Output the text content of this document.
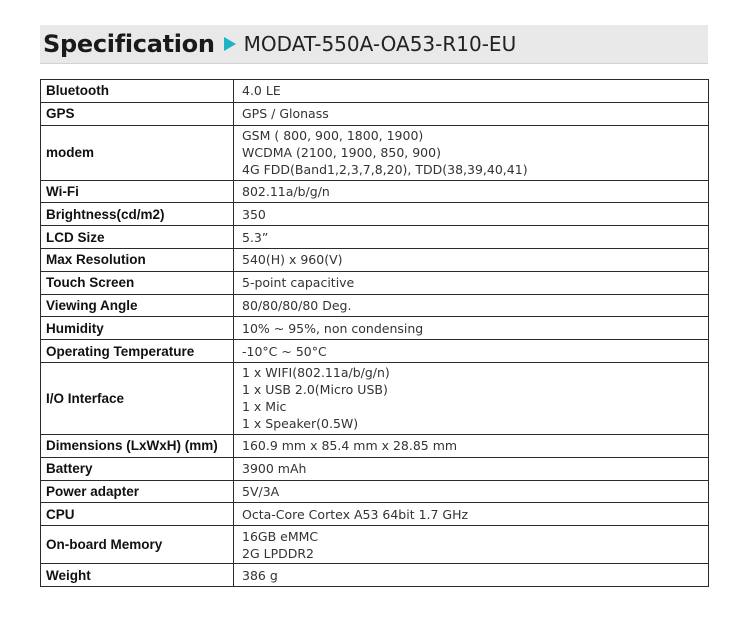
Specification MODAT-550A-OA53-R10-EU
Bluetooth	4.0 LE

GPS	GPS / Glonass

modem	GSM ( 800, 900, 1800, 1900)
WCDMA (2100, 1900, 850, 900)
4G FDD(Band1,2,3,7,8,20), TDD(38,39,40,41)

Wi-Fi	802.11a/b/g/n

Brightness(cd/m2)	350

LCD Size	5.3”

Max Resolution	540(H) x 960(V)

Touch Screen	5-point capacitive

Viewing Angle	80/80/80/80 Deg.

Humidity	10% ~ 95%, non condensing

Operating Temperature	-10°C ~ 50°C

I/O Interface	1 x WIFI(802.11a/b/g/n)
1 x USB 2.0(Micro USB)
1 x Mic
1 x Speaker(0.5W)

Dimensions (LxWxH) (mm)	160.9 mm x 85.4 mm x 28.85 mm

Battery	3900 mAh

Power adapter	5V/3A

CPU	Octa-Core Cortex A53 64bit 1.7 GHz

On-board Memory	16GB eMMC
2G LPDDR2

Weight	386 g
